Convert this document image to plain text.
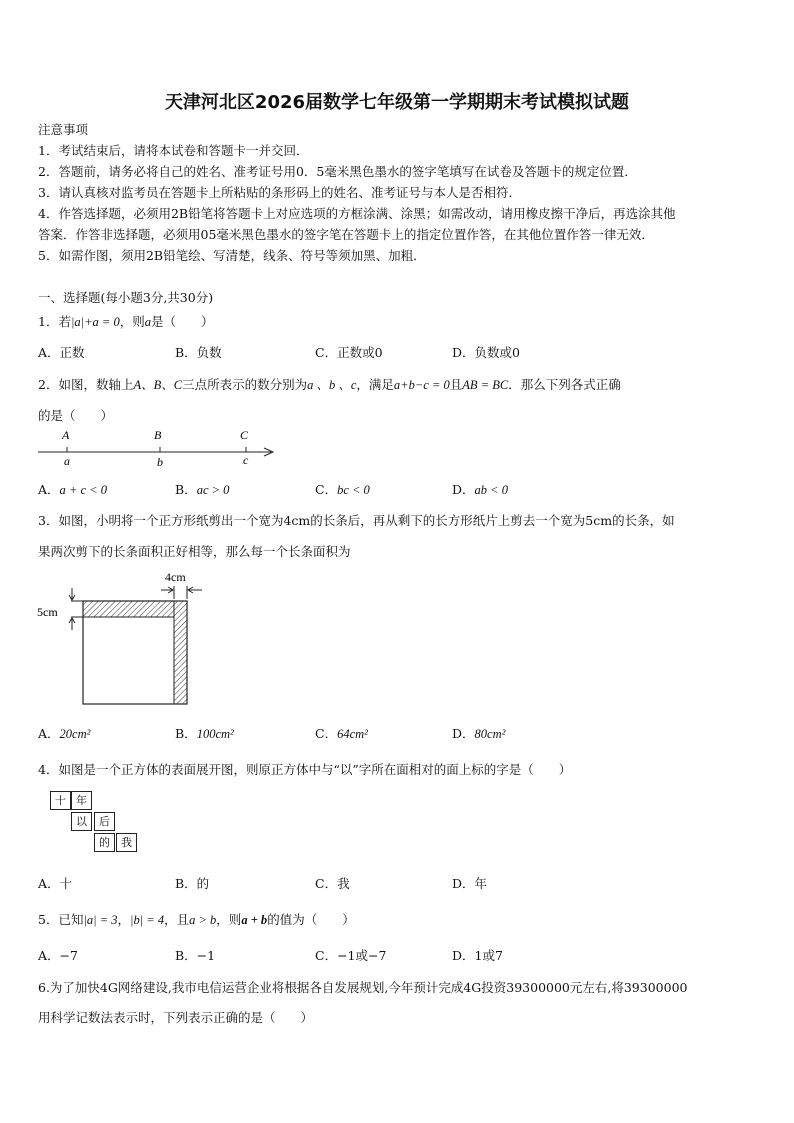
天津河北区2026届数学七年级第一学期期末考试模拟试题
注意事项
1．考试结束后，请将本试卷和答题卡一并交回．
2．答题前，请务必将自己的姓名、准考证号用0．5毫米黑色墨水的签字笔填写在试卷及答题卡的规定位置．
3．请认真核对监考员在答题卡上所粘贴的条形码上的姓名、准考证号与本人是否相符．
4．作答选择题，必须用2B铅笔将答题卡上对应选项的方框涂满、涂黑；如需改动，请用橡皮擦干净后，再选涂其他
答案．作答非选择题，必须用05毫米黑色墨水的签字笔在答题卡上的指定位置作答，在其他位置作答一律无效．
5．如需作图，须用2B铅笔绘、写清楚，线条、符号等须加黑、加粗．
一、选择题(每小题3分,共30分)
1．若|a|+a = 0，则a是（　　）
A．正数	B．负数	C．正数或0	D．负数或0
2．如图，数轴上A、B、C三点所表示的数分别为a 、b 、c，满足a+b−c = 0且AB = BC．那么下列各式正确
的是（　　）
A	B	C
a	b	c
A．a + c < 0	B．ac > 0	C．bc < 0	D．ab < 0
3．如图，小明将一个正方形纸剪出一个宽为4cm的长条后，再从剩下的长方形纸片上剪去一个宽为5cm的长条，如
果两次剪下的长条面积正好相等，那么每一个长条面积为
5cm
4cm
A．20cm²	B．100cm²	C．64cm²	D．80cm²
4．如图是一个正方体的表面展开图，则原正方体中与“以”字所在面相对的面上标的字是（　　）
十 年
以	后
的	我
A．十	B．的	C．我	D．年
5．已知|a| = 3，|b| = 4，且a > b，则a + b的值为（　　）
A．−7	B．−1	C．−1或−7	D．1或7
6.为了加快4G网络建设,我市电信运营企业将根据各自发展规划,今年预计完成4G投资39300000元左右,将39300000
用科学记数法表示时，下列表示正确的是（　　）
